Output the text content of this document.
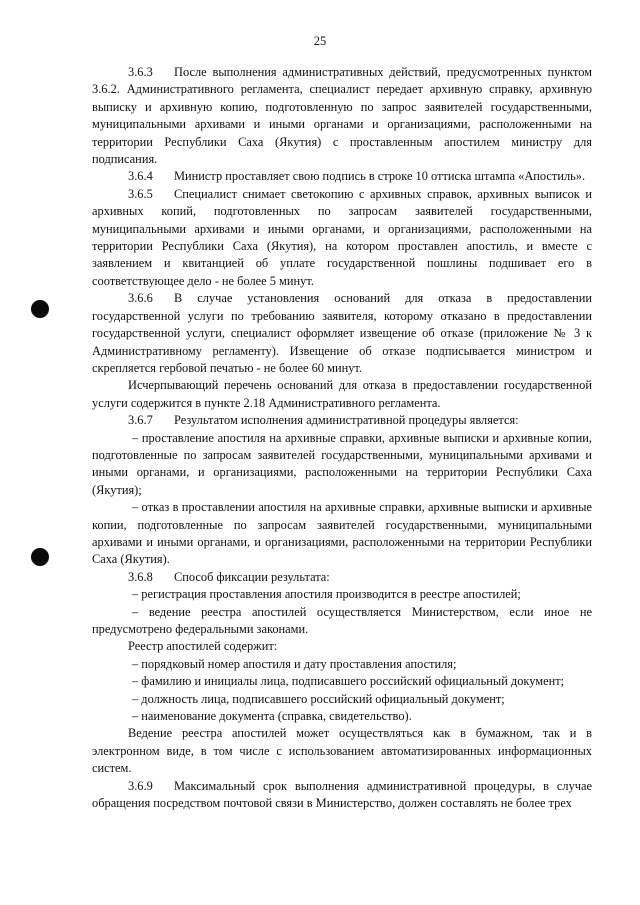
25

3.6.3 После выполнения административных действий, предусмотренных пунктом 3.6.2. Административного регламента, специалист передает архивную справку, архивную выписку и архивную копию, подготовленную по запрос заявителей государственными, муниципальными архивами и иными органами и организациями, расположенными на территории Республики Саха (Якутия) с проставленным апостилем министру для подписания.

3.6.4 Министр проставляет свою подпись в строке 10 оттиска штампа «Апостиль».

3.6.5 Специалист снимает светокопию с архивных справок, архивных выписок и архивных копий, подготовленных по запросам заявителей государственными, муниципальными архивами и иными органами, и организациями, расположенными на территории Республики Саха (Якутия), на котором проставлен апостиль, и вместе с заявлением и квитанцией об уплате государственной пошлины подшивает его в соответствующее дело - не более 5 минут.

3.6.6 В случае установления оснований для отказа в предоставлении государственной услуги по требованию заявителя, которому отказано в предоставлении государственной услуги, специалист оформляет извещение об отказе (приложение № 3 к Административному регламенту). Извещение об отказе подписывается министром и скрепляется гербовой печатью - не более 60 минут.

Исчерпывающий перечень оснований для отказа в предоставлении государственной услуги содержится в пункте 2.18 Административного регламента.

3.6.7 Результатом исполнения административной процедуры является:

– проставление апостиля на архивные справки, архивные выписки и архивные копии, подготовленные по запросам заявителей государственными, муниципальными архивами и иными органами, и организациями, расположенными на территории Республики Саха (Якутия);

– отказ в проставлении апостиля на архивные справки, архивные выписки и архивные копии, подготовленные по запросам заявителей государственными, муниципальными архивами и иными органами, и организациями, расположенными на территории Республики Саха (Якутия).

3.6.8 Способ фиксации результата:

– регистрация проставления апостиля производится в реестре апостилей;

– ведение реестра апостилей осуществляется Министерством, если иное не предусмотрено федеральными законами.

Реестр апостилей содержит:

– порядковый номер апостиля и дату проставления апостиля;

– фамилию и инициалы лица, подписавшего российский официальный документ;

– должность лица, подписавшего российский официальный документ;

– наименование документа (справка, свидетельство).

Ведение реестра апостилей может осуществляться как в бумажном, так и в электронном виде, в том числе с использованием автоматизированных информационных систем.

3.6.9 Максимальный срок выполнения административной процедуры, в случае обращения посредством почтовой связи в Министерство, должен составлять не более трех
